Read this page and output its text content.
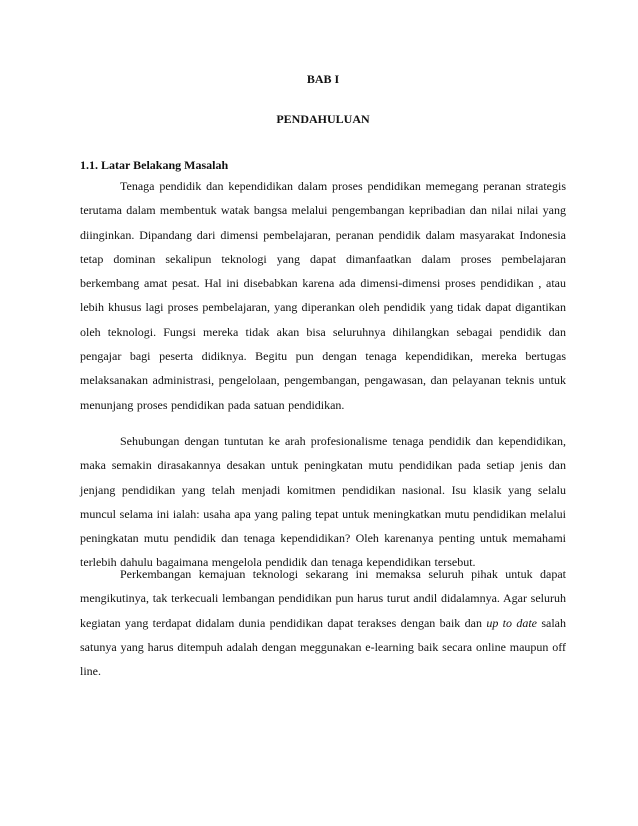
BAB I

PENDAHULUAN

1.1. Latar Belakang Masalah

Tenaga pendidik dan kependidikan dalam proses pendidikan memegang peranan strategis terutama dalam membentuk watak bangsa melalui pengembangan kepribadian dan nilai nilai yang diinginkan. Dipandang dari dimensi pembelajaran, peranan pendidik dalam masyarakat Indonesia tetap dominan sekalipun teknologi yang dapat dimanfaatkan dalam proses pembelajaran berkembang amat pesat. Hal ini disebabkan karena ada dimensi-dimensi proses pendidikan , atau lebih khusus lagi proses pembelajaran, yang diperankan oleh pendidik yang tidak dapat digantikan oleh teknologi. Fungsi mereka tidak akan bisa seluruhnya dihilangkan sebagai pendidik dan pengajar bagi peserta didiknya. Begitu pun dengan tenaga kependidikan, mereka bertugas melaksanakan administrasi, pengelolaan, pengembangan, pengawasan, dan pelayanan teknis untuk menunjang proses pendidikan pada satuan pendidikan.

Sehubungan dengan tuntutan ke arah profesionalisme tenaga pendidik dan kependidikan, maka semakin dirasakannya desakan untuk peningkatan mutu pendidikan pada setiap jenis dan jenjang pendidikan yang telah menjadi komitmen pendidikan nasional. Isu klasik yang selalu muncul selama ini ialah: usaha apa yang paling tepat untuk meningkatkan mutu pendidikan melalui peningkatan mutu pendidik dan tenaga kependidikan? Oleh karenanya penting untuk memahami terlebih dahulu bagaimana mengelola pendidik dan tenaga kependidikan tersebut.

Perkembangan kemajuan teknologi sekarang ini memaksa seluruh pihak untuk dapat mengikutinya, tak terkecuali lembangan pendidikan pun harus turut andil didalamnya. Agar seluruh kegiatan yang terdapat didalam dunia pendidikan dapat terakses dengan baik dan up to date salah satunya yang harus ditempuh adalah dengan meggunakan e-learning baik secara online maupun off line.
